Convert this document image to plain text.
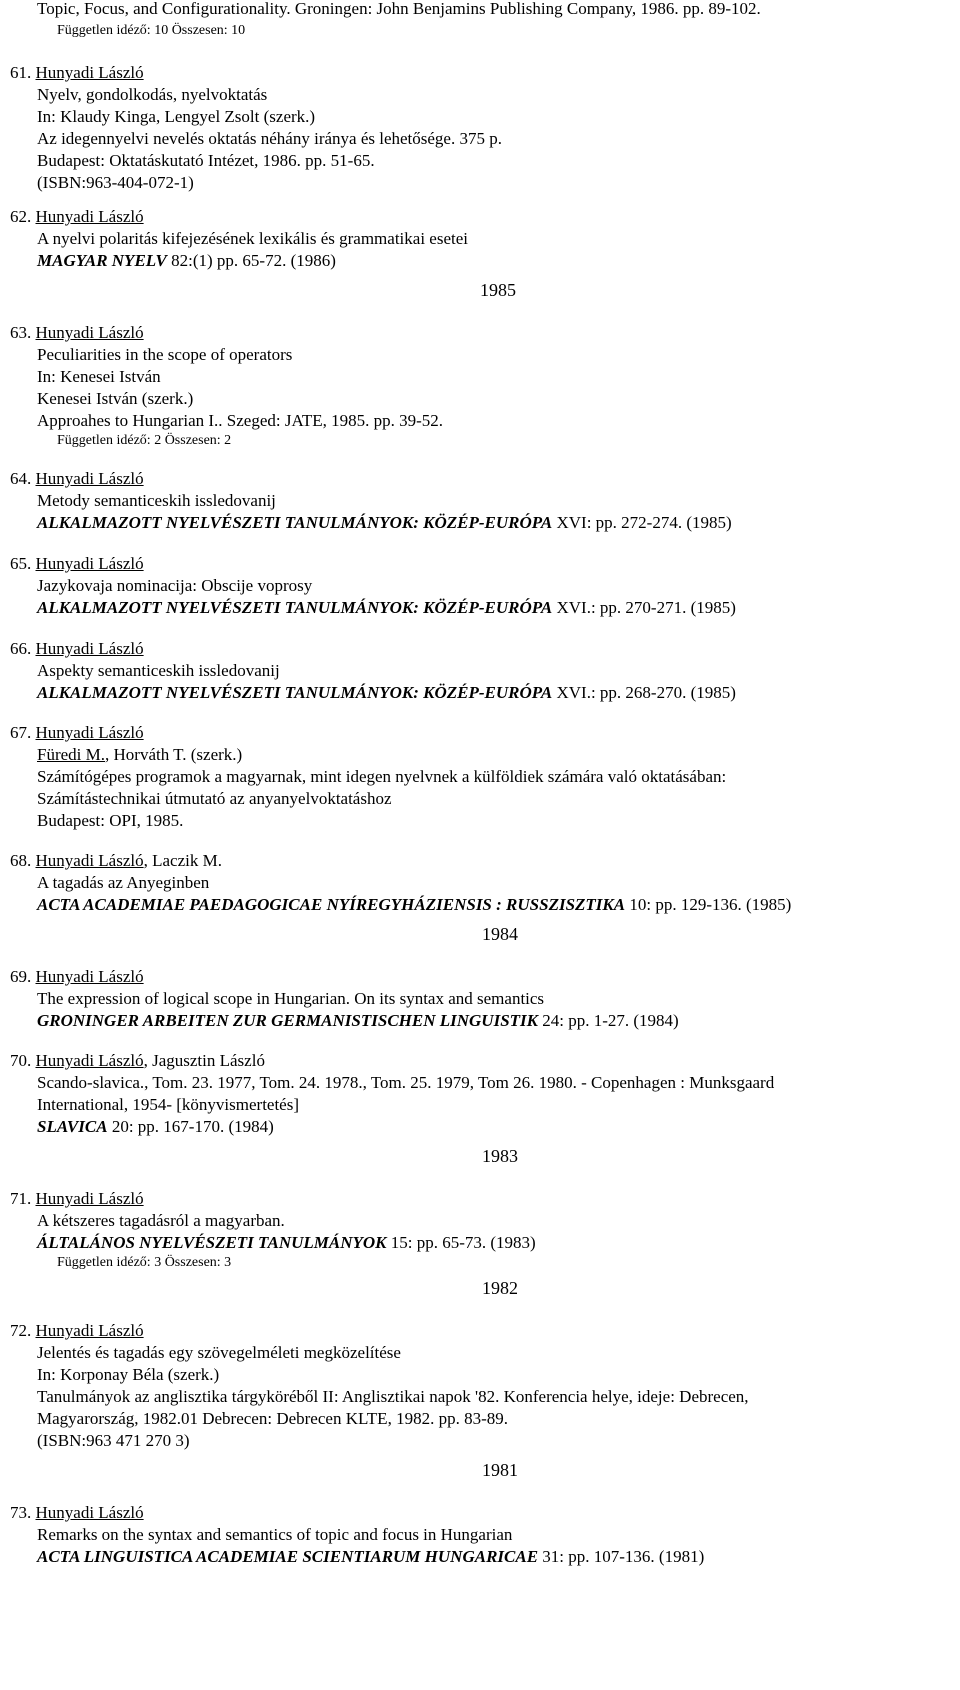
Topic, Focus, and Configurationality. Groningen: John Benjamins Publishing Company, 1986. pp. 89-102.
Független idéző: 10 Összesen: 10
61. Hunyadi László
Nyelv, gondolkodás, nyelvoktatás
In: Klaudy Kinga, Lengyel Zsolt (szerk.)
Az idegennyelvi nevelés oktatás néhány iránya és lehetősége. 375 p.
Budapest: Oktatáskutató Intézet, 1986. pp. 51-65.
(ISBN:963-404-072-1)
62. Hunyadi László
A nyelvi polaritás kifejezésének lexikális és grammatikai esetei
MAGYAR NYELV 82:(1) pp. 65-72. (1986)
1985
63. Hunyadi László
Peculiarities in the scope of operators
In: Kenesei István
Kenesei István (szerk.)
Approahes to Hungarian I.. Szeged: JATE, 1985. pp. 39-52.
Független idéző: 2 Összesen: 2
64. Hunyadi László
Metody semanticeskih issledovanij
ALKALMAZOTT NYELVÉSZETI TANULMÁNYOK: KÖZÉP-EURÓPA XVI: pp. 272-274. (1985)
65. Hunyadi László
Jazykovaja nominacija: Obscije voprosy
ALKALMAZOTT NYELVÉSZETI TANULMÁNYOK: KÖZÉP-EURÓPA XVI.: pp. 270-271. (1985)
66. Hunyadi László
Aspekty semanticeskih issledovanij
ALKALMAZOTT NYELVÉSZETI TANULMÁNYOK: KÖZÉP-EURÓPA XVI.: pp. 268-270. (1985)
67. Hunyadi László
Füredi M., Horváth T. (szerk.)
Számítógépes programok a magyarnak, mint idegen nyelvnek a külföldiek számára való oktatásában:
Számítástechnikai útmutató az anyanyelvoktatáshoz
Budapest: OPI, 1985.
68. Hunyadi László, Laczik M.
A tagadás az Anyeginben
ACTA ACADEMIAE PAEDAGOGICAE NYÍREGYHÁZIENSIS : RUSSZISZTIKA 10: pp. 129-136. (1985)
1984
69. Hunyadi László
The expression of logical scope in Hungarian. On its syntax and semantics
GRONINGER ARBEITEN ZUR GERMANISTISCHEN LINGUISTIK 24: pp. 1-27. (1984)
70. Hunyadi László, Jaguszti​n László
Scando-slavica., Tom. 23. 1977, Tom. 24. 1978., Tom. 25. 1979, Tom 26. 1980. - Copenhagen : Munksgaard
International, 1954- [könyvismertetés]
SLAVICA 20: pp. 167-170. (1984)
1983
71. Hunyadi László
A kétszeres tagadásról a magyarban.
ÁLTALÁNOS NYELVÉSZETI TANULMÁNYOK 15: pp. 65-73. (1983)
Független idéző: 3 Összesen: 3
1982
72. Hunyadi László
Jelentés és tagadás egy szövegelméleti megközelítése
In: Korponay Béla (szerk.)
Tanulmányok az anglisztika tárgyköréből II: Anglisztikai napok '82. Konferencia helye, ideje: Debrecen,
Magyarország, 1982.01 Debrecen: Debrecen KLTE, 1982. pp. 83-89.
(ISBN:963 471 270 3)
1981
73. Hunyadi László
Remarks on the syntax and semantics of topic and focus in Hungarian
ACTA LINGUISTICA ACADEMIAE SCIENTIARUM HUNGARICAE 31: pp. 107-136. (1981)
